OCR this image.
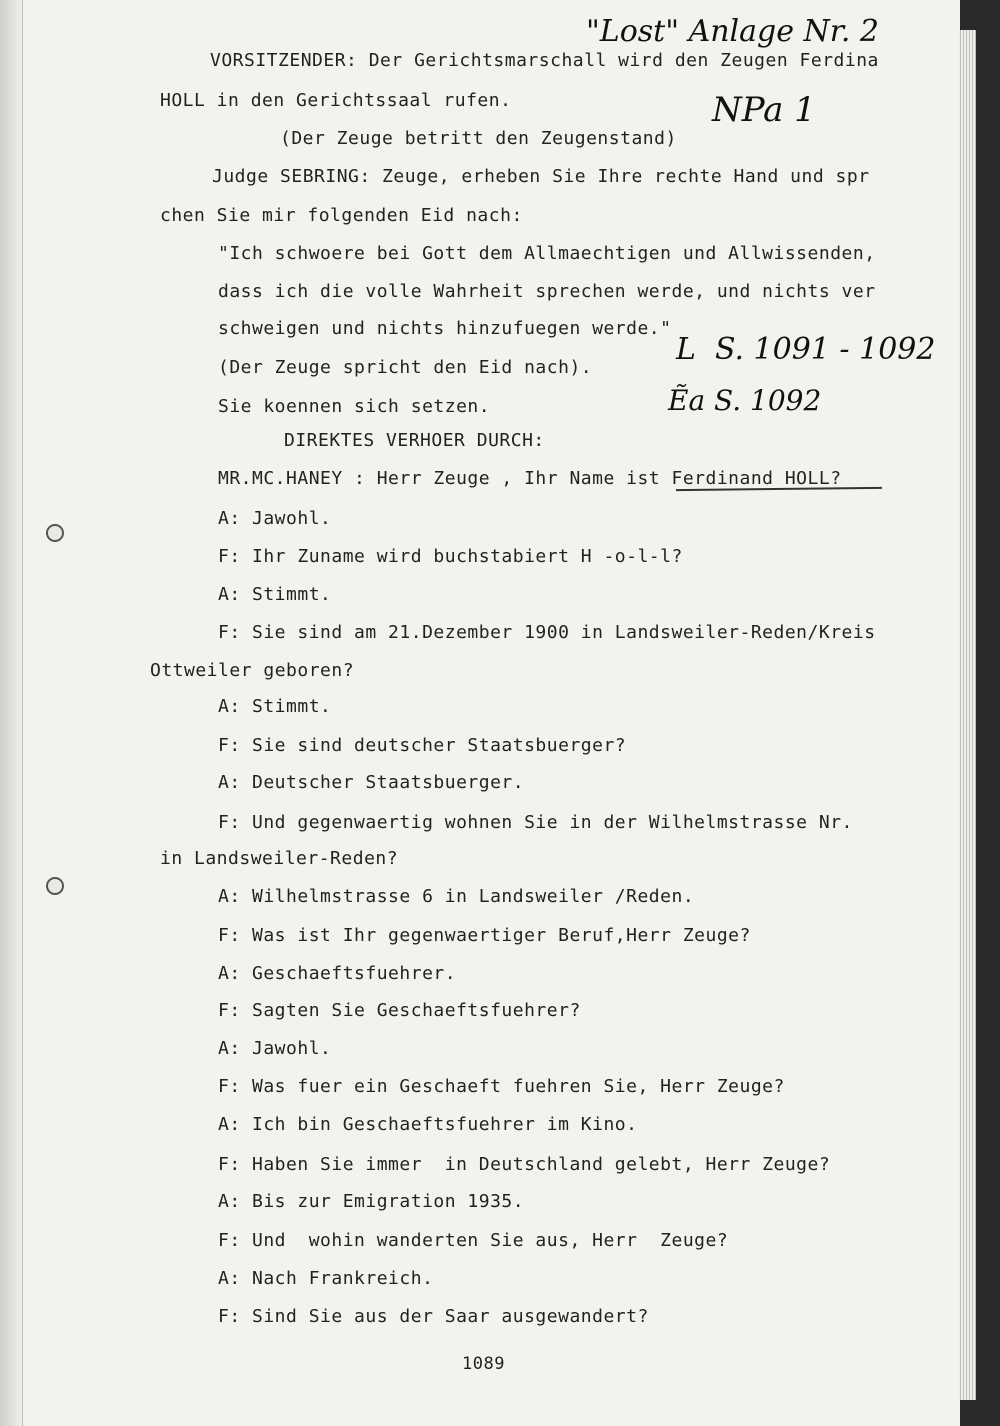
"Lost" Anlage Nr. 2
NPa 1
L  S. 1091 - 1092
Ẽa S. 1092
VORSITZENDER: Der Gerichtsmarschall wird den Zeugen Ferdina
HOLL in den Gerichtssaal rufen.
(Der Zeuge betritt den Zeugenstand)
Judge SEBRING: Zeuge, erheben Sie Ihre rechte Hand und spr
chen Sie mir folgenden Eid nach:
"Ich schwoere bei Gott dem Allmaechtigen und Allwissenden,
dass ich die volle Wahrheit sprechen werde, und nichts ver
schweigen und nichts hinzufuegen werde."
(Der Zeuge spricht den Eid nach).
Sie koennen sich setzen.
DIREKTES VERHOER DURCH:
MR.MC.HANEY : Herr Zeuge , Ihr Name ist Ferdinand HOLL?
A: Jawohl.
F: Ihr Zuname wird buchstabiert H -o-l-l?
A: Stimmt.
F: Sie sind am 21.Dezember 1900 in Landsweiler-Reden/Kreis
Ottweiler geboren?
A: Stimmt.
F: Sie sind deutscher Staatsbuerger?
A: Deutscher Staatsbuerger.
F: Und gegenwaertig wohnen Sie in der Wilhelmstrasse Nr.
in Landsweiler-Reden?
A: Wilhelmstrasse 6 in Landsweiler /Reden.
F: Was ist Ihr gegenwaertiger Beruf,Herr Zeuge?
A: Geschaeftsfuehrer.
F: Sagten Sie Geschaeftsfuehrer?
A: Jawohl.
F: Was fuer ein Geschaeft fuehren Sie, Herr Zeuge?
A: Ich bin Geschaeftsfuehrer im Kino.
F: Haben Sie immer  in Deutschland gelebt, Herr Zeuge?
A: Bis zur Emigration 1935.
F: Und  wohin wanderten Sie aus, Herr  Zeuge?
A: Nach Frankreich.
F: Sind Sie aus der Saar ausgewandert?
1089
